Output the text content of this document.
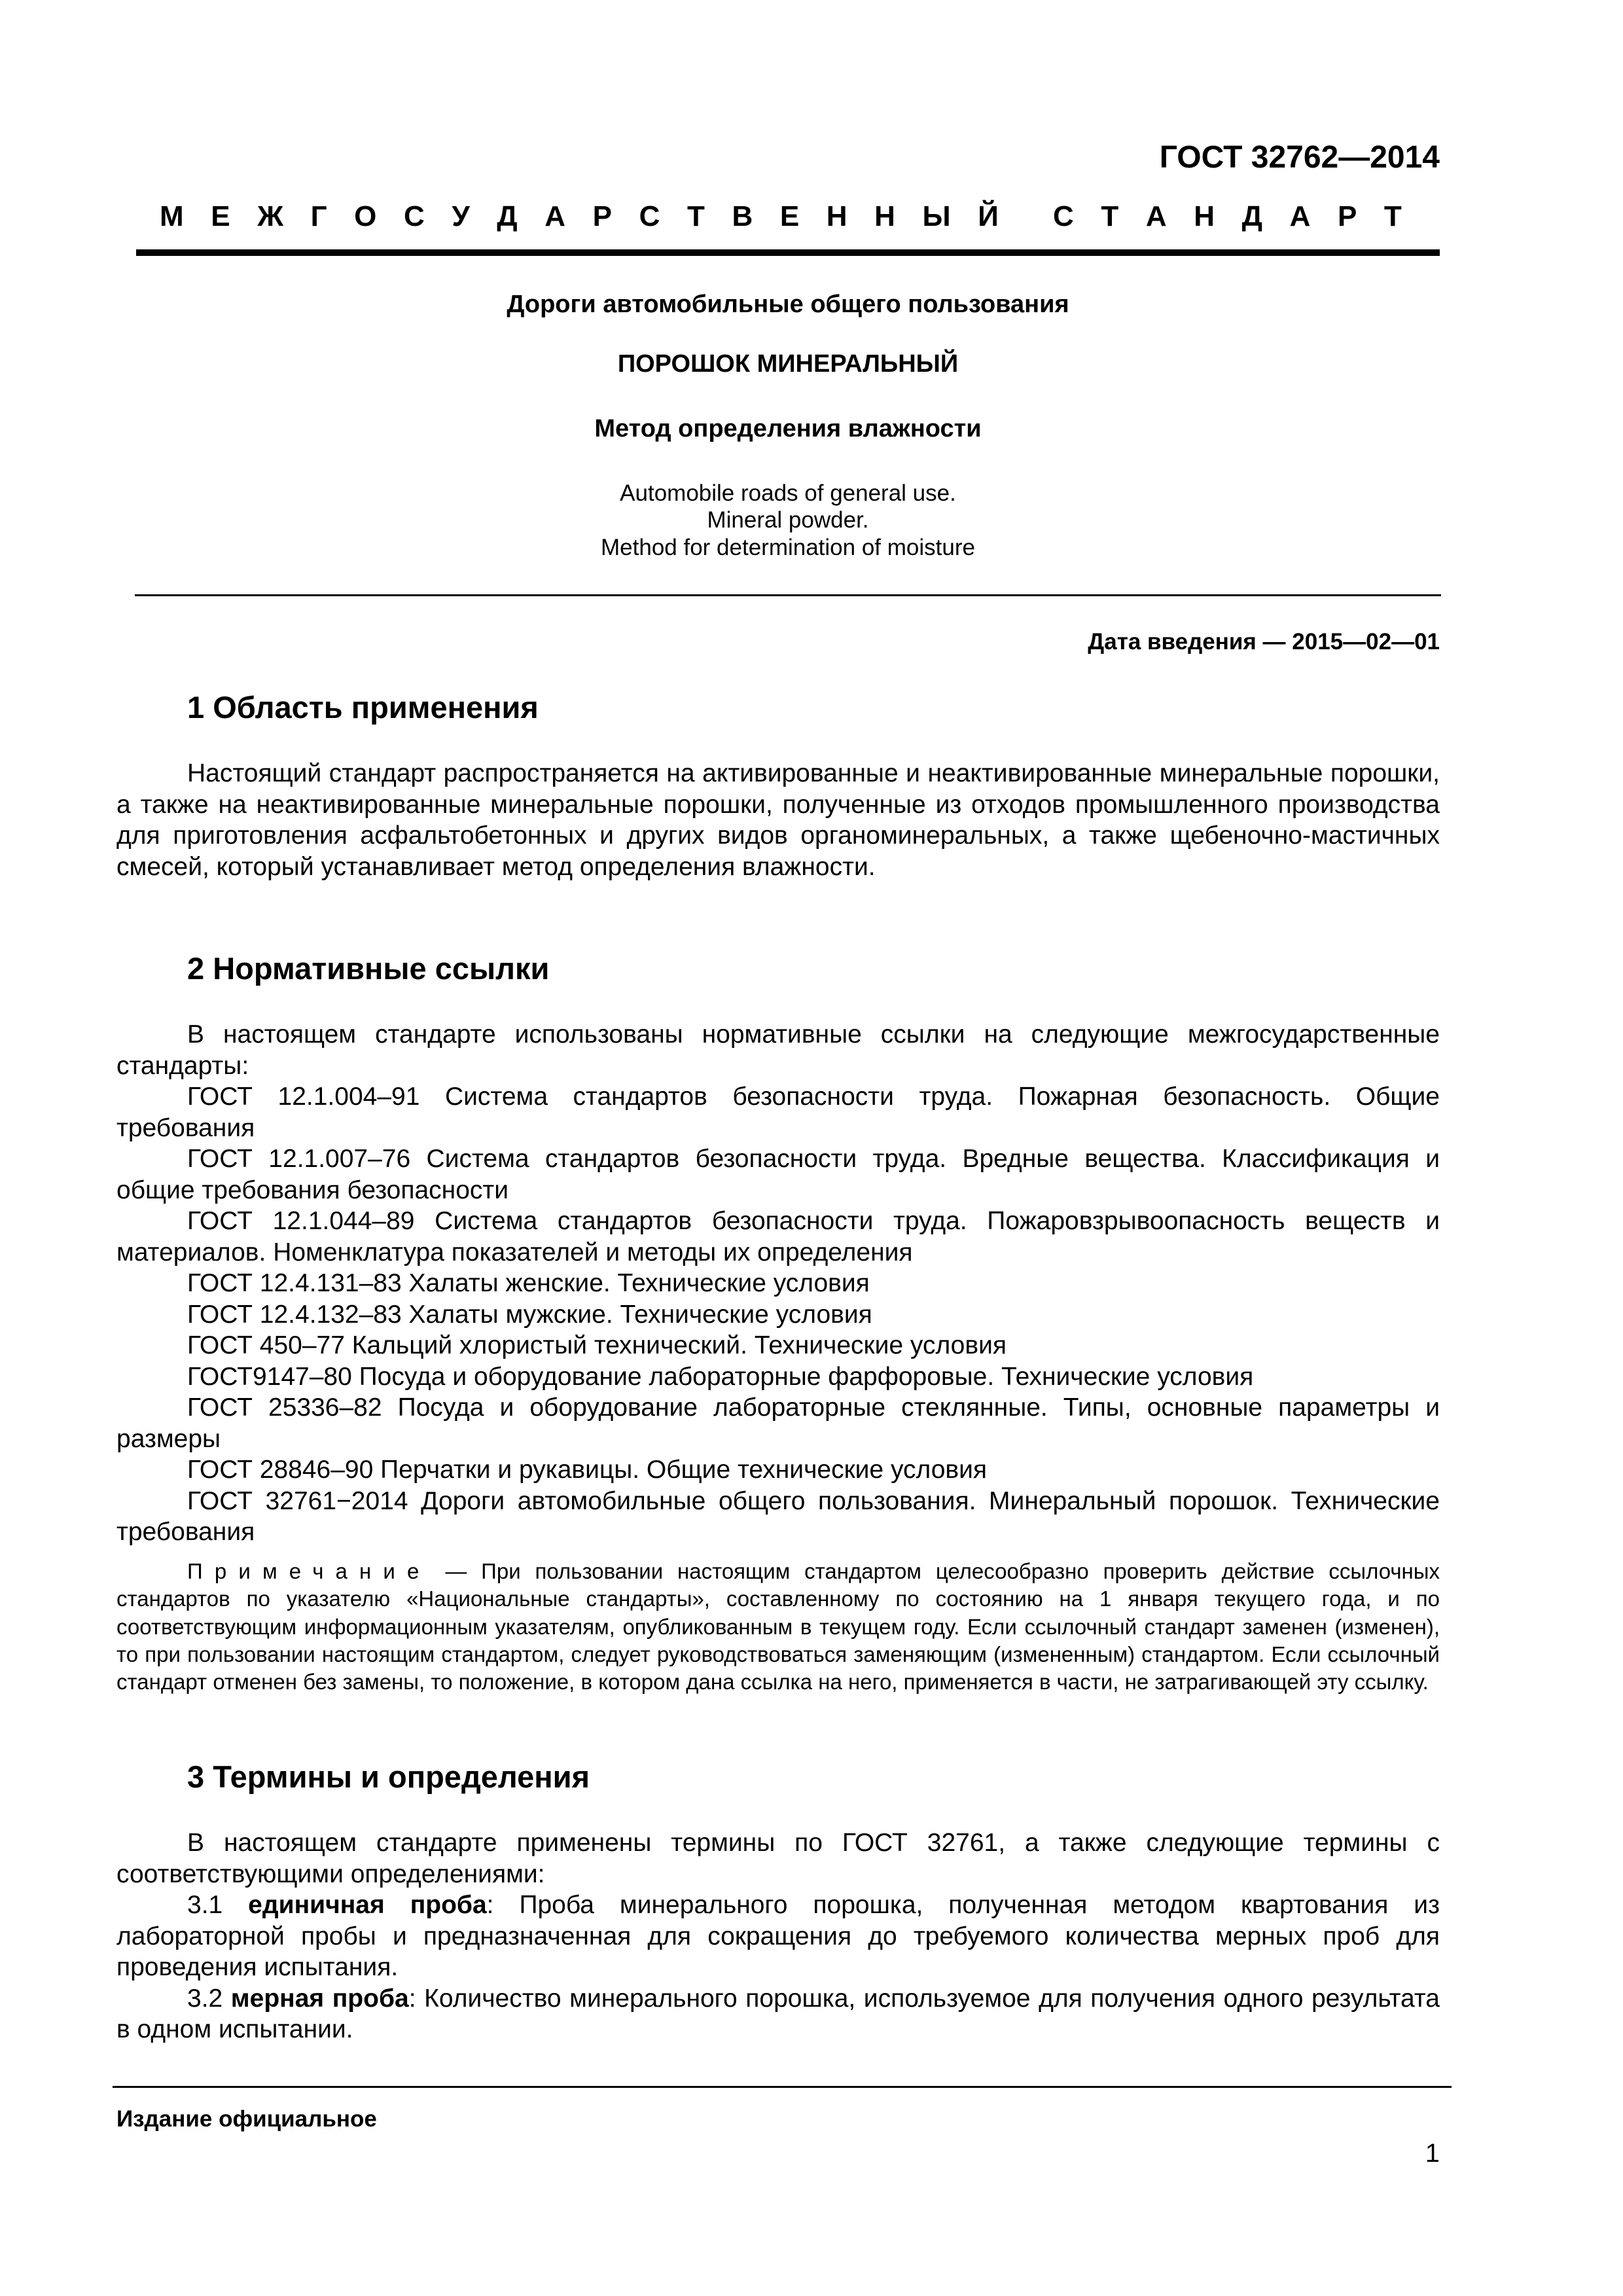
ГОСТ 32762—2014
М Е Ж Г О С У Д А Р С Т В Е Н Н Ы Й С Т А Н Д А Р Т
Дороги автомобильные общего пользования
ПОРОШОК МИНЕРАЛЬНЫЙ
Метод определения влажности
Automobile roads of general use.
Mineral powder.
Method for determination of moisture
Дата введения — 2015—02—01
1 Область применения

Настоящий стандарт распространяется на активированные и неактивированные минеральные порошки, а также на неактивированные минеральные порошки, полученные из отходов промышленного производства для приготовления асфальтобетонных и других видов органоминеральных, а также щебеночно-мастичных смесей, который устанавливает метод определения влажности.

2 Нормативные ссылки

В настоящем стандарте использованы нормативные ссылки на следующие межгосударственные стандарты:

ГОСТ 12.1.004–91 Система стандартов безопасности труда. Пожарная безопасность. Общие требования

ГОСТ 12.1.007–76 Система стандартов безопасности труда. Вредные вещества. Классификация и общие требования безопасности

ГОСТ 12.1.044–89 Система стандартов безопасности труда. Пожаровзрывоопасность веществ и материалов. Номенклатура показателей и методы их определения

ГОСТ 12.4.131–83 Халаты женские. Технические условия

ГОСТ 12.4.132–83 Халаты мужские. Технические условия

ГОСТ 450–77 Кальций хлористый технический. Технические условия

ГОСТ9147–80 Посуда и оборудование лабораторные фарфоровые. Технические условия

ГОСТ 25336–82 Посуда и оборудование лабораторные стеклянные. Типы, основные параметры и размеры

ГОСТ 28846–90 Перчатки и рукавицы. Общие технические условия

ГОСТ 32761−2014 Дороги автомобильные общего пользования. Минеральный порошок. Технические требования

Примечание — При пользовании настоящим стандартом целесообразно проверить действие ссылочных стандартов по указателю «Национальные стандарты», составленному по состоянию на 1 января текущего года, и по соответствующим информационным указателям, опубликованным в текущем году. Если ссылочный стандарт заменен (изменен), то при пользовании настоящим стандартом, следует руководствоваться заменяющим (измененным) стандартом. Если ссылочный стандарт отменен без замены, то положение, в котором дана ссылка на него, применяется в части, не затрагивающей эту ссылку.

3 Термины и определения

В настоящем стандарте применены термины по ГОСТ 32761, а также следующие термины с соответствующими определениями:

3.1 единичная проба: Проба минерального порошка, полученная методом квартования из лабораторной пробы и предназначенная для сокращения до требуемого количества мерных проб для проведения испытания.

3.2 мерная проба: Количество минерального порошка, используемое для получения одного результата в одном испытании.

Издание официальное
1
